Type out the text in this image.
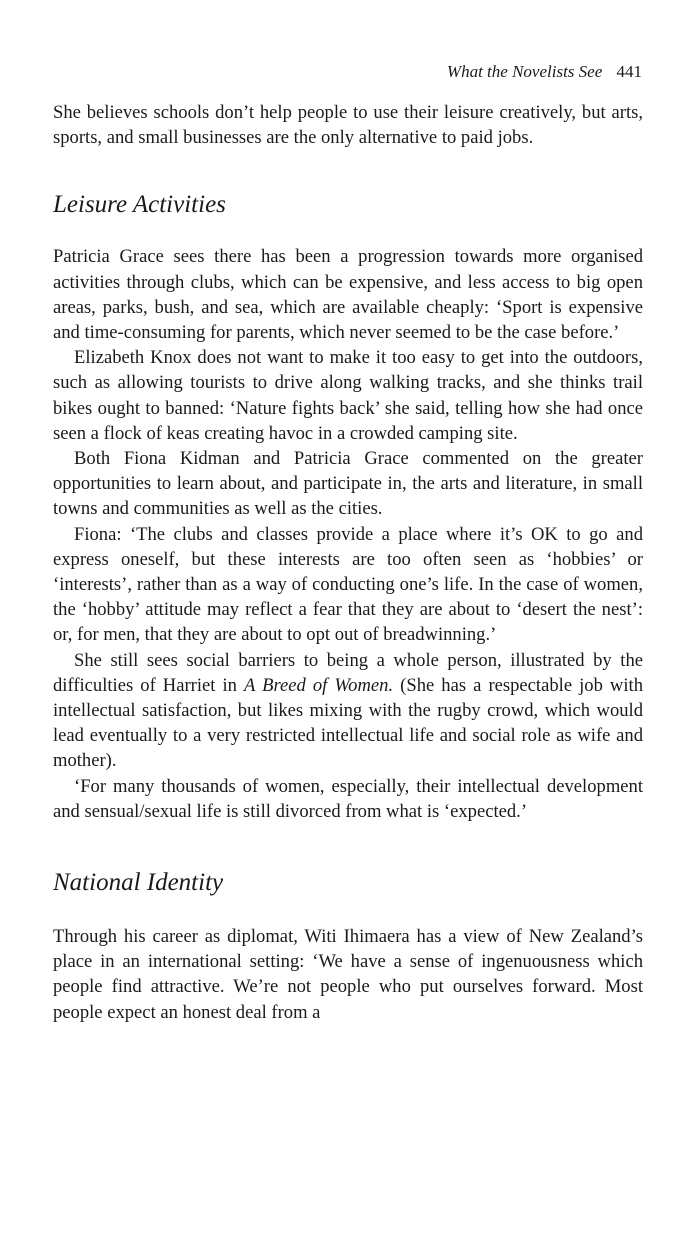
What the Novelists See 441

She believes schools don’t help people to use their leisure creatively, but arts, sports, and small businesses are the only alternative to paid jobs.

Leisure Activities

Patricia Grace sees there has been a progression towards more organised activities through clubs, which can be expensive, and less access to big open areas, parks, bush, and sea, which are available cheaply: ‘Sport is expensive and time-consuming for parents, which never seemed to be the case before.’

Elizabeth Knox does not want to make it too easy to get into the outdoors, such as allowing tourists to drive along walking tracks, and she thinks trail bikes ought to banned: ‘Nature fights back’ she said, telling how she had once seen a flock of keas creating havoc in a crowded camping site.

Both Fiona Kidman and Patricia Grace commented on the greater opportunities to learn about, and participate in, the arts and literature, in small towns and communities as well as the cities.

Fiona: ‘The clubs and classes provide a place where it’s OK to go and express oneself, but these interests are too often seen as ‘hobbies’ or ‘interests’, rather than as a way of conducting one’s life. In the case of women, the ‘hobby’ attitude may reflect a fear that they are about to ‘desert the nest’: or, for men, that they are about to opt out of breadwinning.’

She still sees social barriers to being a whole person, illustrated by the difficulties of Harriet in A Breed of Women. (She has a respectable job with intellectual satisfaction, but likes mixing with the rugby crowd, which would lead eventually to a very restricted intellectual life and social role as wife and mother).

‘For many thousands of women, especially, their intellectual development and sensual/sexual life is still divorced from what is ‘expected.’

National Identity

Through his career as diplomat, Witi Ihimaera has a view of New Zealand’s place in an international setting: ‘We have a sense of ingenuousness which people find attractive. We’re not people who put ourselves forward. Most people expect an honest deal from a
